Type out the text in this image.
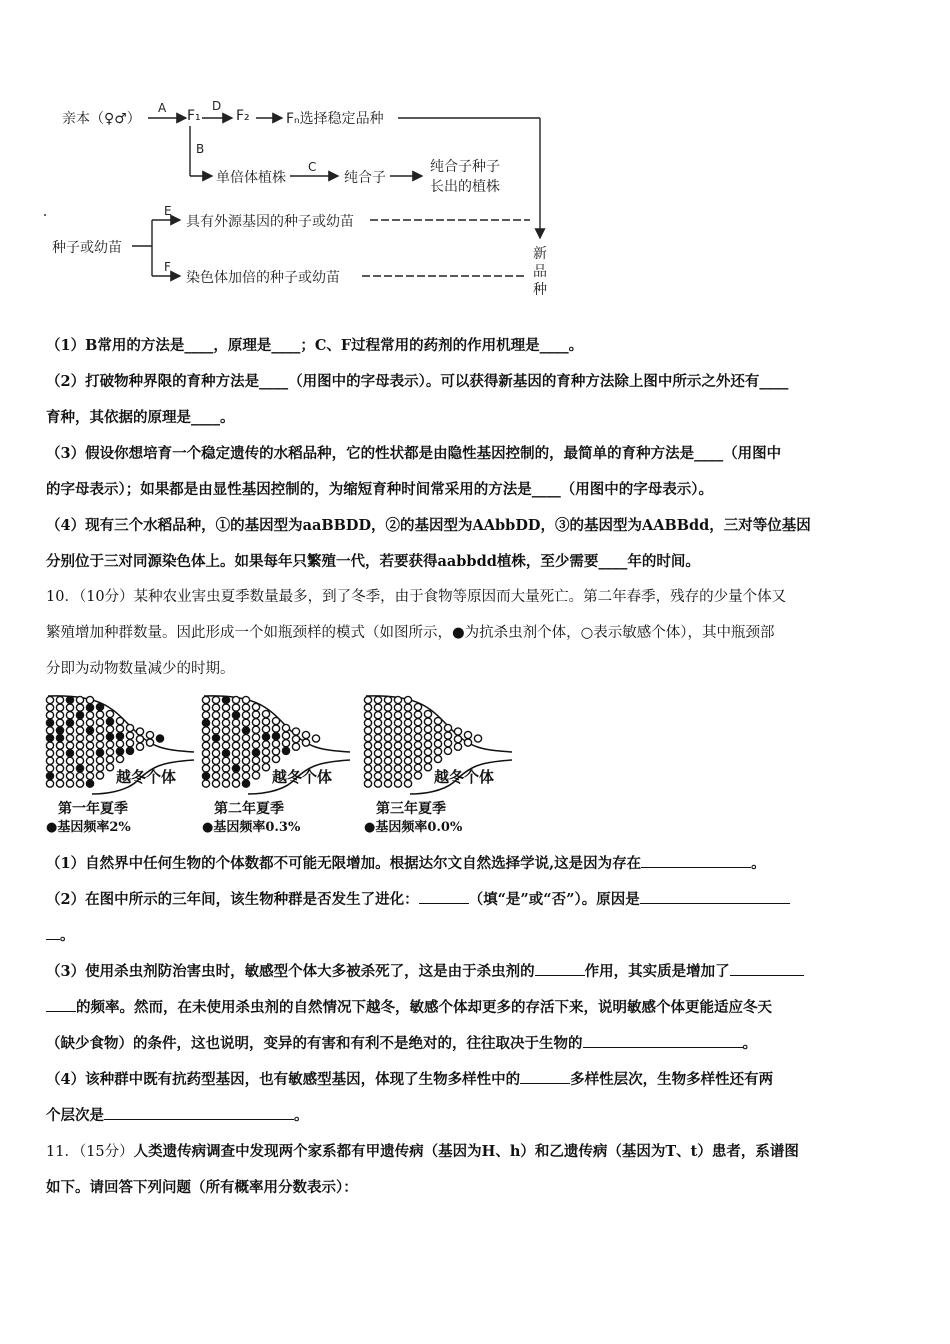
亲本（♀♂）
A F₁
D
F₂	Fₙ选择稳定品种
B
单倍体植株
C
纯合子
纯合子种子
长出的植株
种子或幼苗
E
具有外源基因的种子或幼苗
F
染色体加倍的种子或幼苗
新
品
种
（1）B常用的方法是____，原理是____；C、F过程常用的药剂的作用机理是____。
（2）打破物种界限的育种方法是____（用图中的字母表示）。可以获得新基因的育种方法除上图中所示之外还有____
育种，其依据的原理是____。
（3）假设你想培育一个稳定遗传的水稻品种，它的性状都是由隐性基因控制的，最简单的育种方法是____（用图中
的字母表示）；如果都是由显性基因控制的，为缩短育种时间常采用的方法是____（用图中的字母表示）。
（4）现有三个水稻品种，①的基因型为aaBBDD，②的基因型为AAbbDD，③的基因型为AABBdd，三对等位基因
分别位于三对同源染色体上。如果每年只繁殖一代，若要获得aabbdd植株，至少需要____年的时间。
10．（10分）某种农业害虫夏季数量最多，到了冬季，由于食物等原因而大量死亡。第二年春季，残存的少量个体又
繁殖增加种群数量。因此形成一个如瓶颈样的模式（如图所示，●为抗杀虫剂个体，○表示敏感个体），其中瓶颈部
分即为动物数量减少的时期。
越冬个体
第一年夏季
●基因频率2%
越冬个体
第二年夏季
●基因频率0.3%
越冬个体
第三年夏季
●基因频率0.0%
（1）自然界中任何生物的个体数都不可能无限增加。根据达尔文自然选择学说,这是因为存在	。
（2）在图中所示的三年间，该生物种群是否发生了进化：	（填“是”或“否”）。原因是
。
（3）使用杀虫剂防治害虫时，敏感型个体大多被杀死了，这是由于杀虫剂的	作用，其实质是增加了
的频率。然而，在未使用杀虫剂的自然情况下越冬，敏感个体却更多的存活下来，说明敏感个体更能适应冬天
（缺少食物）的条件，这也说明，变异的有害和有利不是绝对的，往往取决于生物的	。
（4）该种群中既有抗药型基因，也有敏感型基因，体现了生物多样性中的	多样性层次，生物多样性还有两
个层次是	。
11．（15分）人类遗传病调查中发现两个家系都有甲遗传病（基因为H、h）和乙遗传病（基因为T、t）患者，系谱图
如下。请回答下列问题（所有概率用分数表示）：
